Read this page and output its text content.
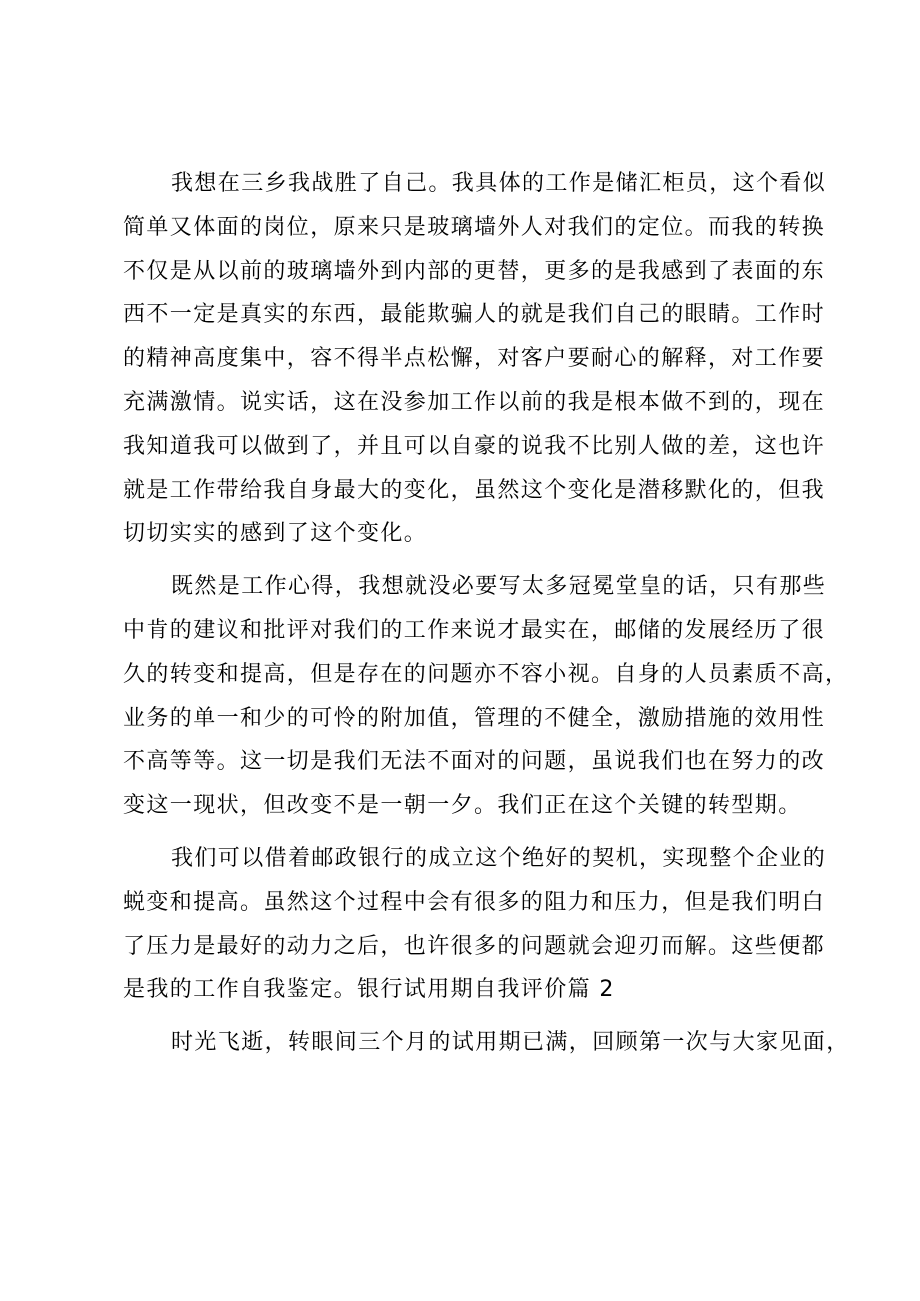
我想在三乡我战胜了自己。我具体的工作是储汇柜员，这个看似
简单又体面的岗位，原来只是玻璃墙外人对我们的定位。而我的转换
不仅是从以前的玻璃墙外到内部的更替，更多的是我感到了表面的东
西不一定是真实的东西，最能欺骗人的就是我们自己的眼睛。工作时
的精神高度集中，容不得半点松懈，对客户要耐心的解释，对工作要
充满激情。说实话，这在没参加工作以前的我是根本做不到的，现在
我知道我可以做到了，并且可以自豪的说我不比别人做的差，这也许
就是工作带给我自身最大的变化，虽然这个变化是潜移默化的，但我
切切实实的感到了这个变化。
既然是工作心得，我想就没必要写太多冠冕堂皇的话，只有那些
中肯的建议和批评对我们的工作来说才最实在，邮储的发展经历了很
久的转变和提高，但是存在的问题亦不容小视。自身的人员素质不高，
业务的单一和少的可怜的附加值，管理的不健全，激励措施的效用性
不高等等。这一切是我们无法不面对的问题，虽说我们也在努力的改
变这一现状，但改变不是一朝一夕。我们正在这个关键的转型期。
我们可以借着邮政银行的成立这个绝好的契机，实现整个企业的
蜕变和提高。虽然这个过程中会有很多的阻力和压力，但是我们明白
了压力是最好的动力之后，也许很多的问题就会迎刃而解。这些便都
是我的工作自我鉴定。银行试用期自我评价篇 2
时光飞逝，转眼间三个月的试用期已满，回顾第一次与大家见面，
